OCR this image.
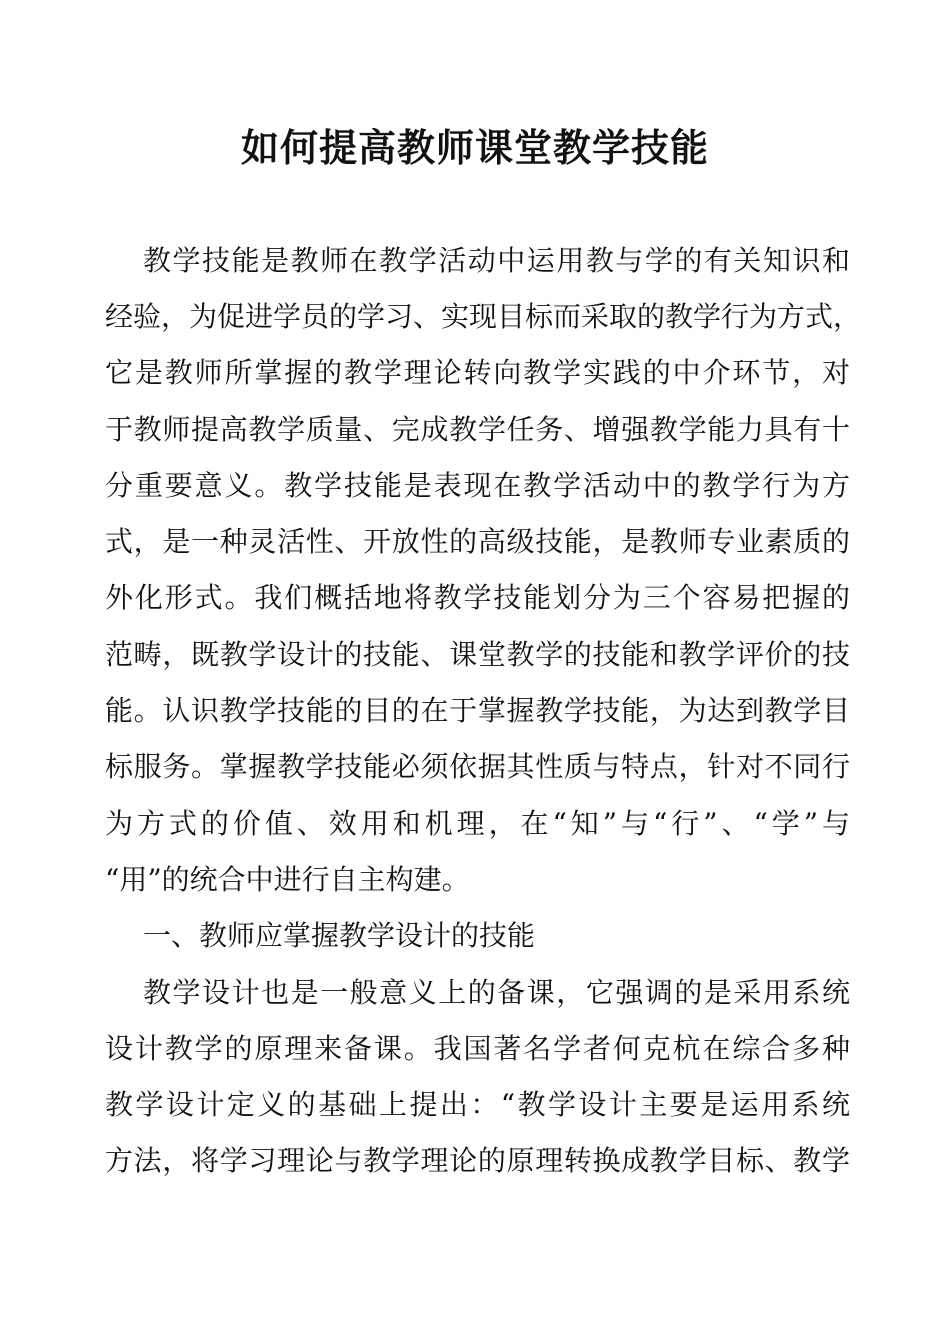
如何提高教师课堂教学技能

教学技能是教师在教学活动中运用教与学的有关知识和

经验，为促进学员的学习、实现目标而采取的教学行为方式，

它是教师所掌握的教学理论转向教学实践的中介环节，对

于教师提高教学质量、完成教学任务、增强教学能力具有十

分重要意义。教学技能是表现在教学活动中的教学行为方

式，是一种灵活性、开放性的高级技能，是教师专业素质的

外化形式。我们概括地将教学技能划分为三个容易把握的

范畴，既教学设计的技能、课堂教学的技能和教学评价的技

能。认识教学技能的目的在于掌握教学技能，为达到教学目

标服务。掌握教学技能必须依据其性质与特点，针对不同行

为方式的价值、效用和机理，在“知”与“行”、“学”与

“用”的统合中进行自主构建。

一、教师应掌握教学设计的技能

教学设计也是一般意义上的备课，它强调的是采用系统

设计教学的原理来备课。我国著名学者何克杭在综合多种

教学设计定义的基础上提出：“教学设计主要是运用系统

方法，将学习理论与教学理论的原理转换成教学目标、教学
